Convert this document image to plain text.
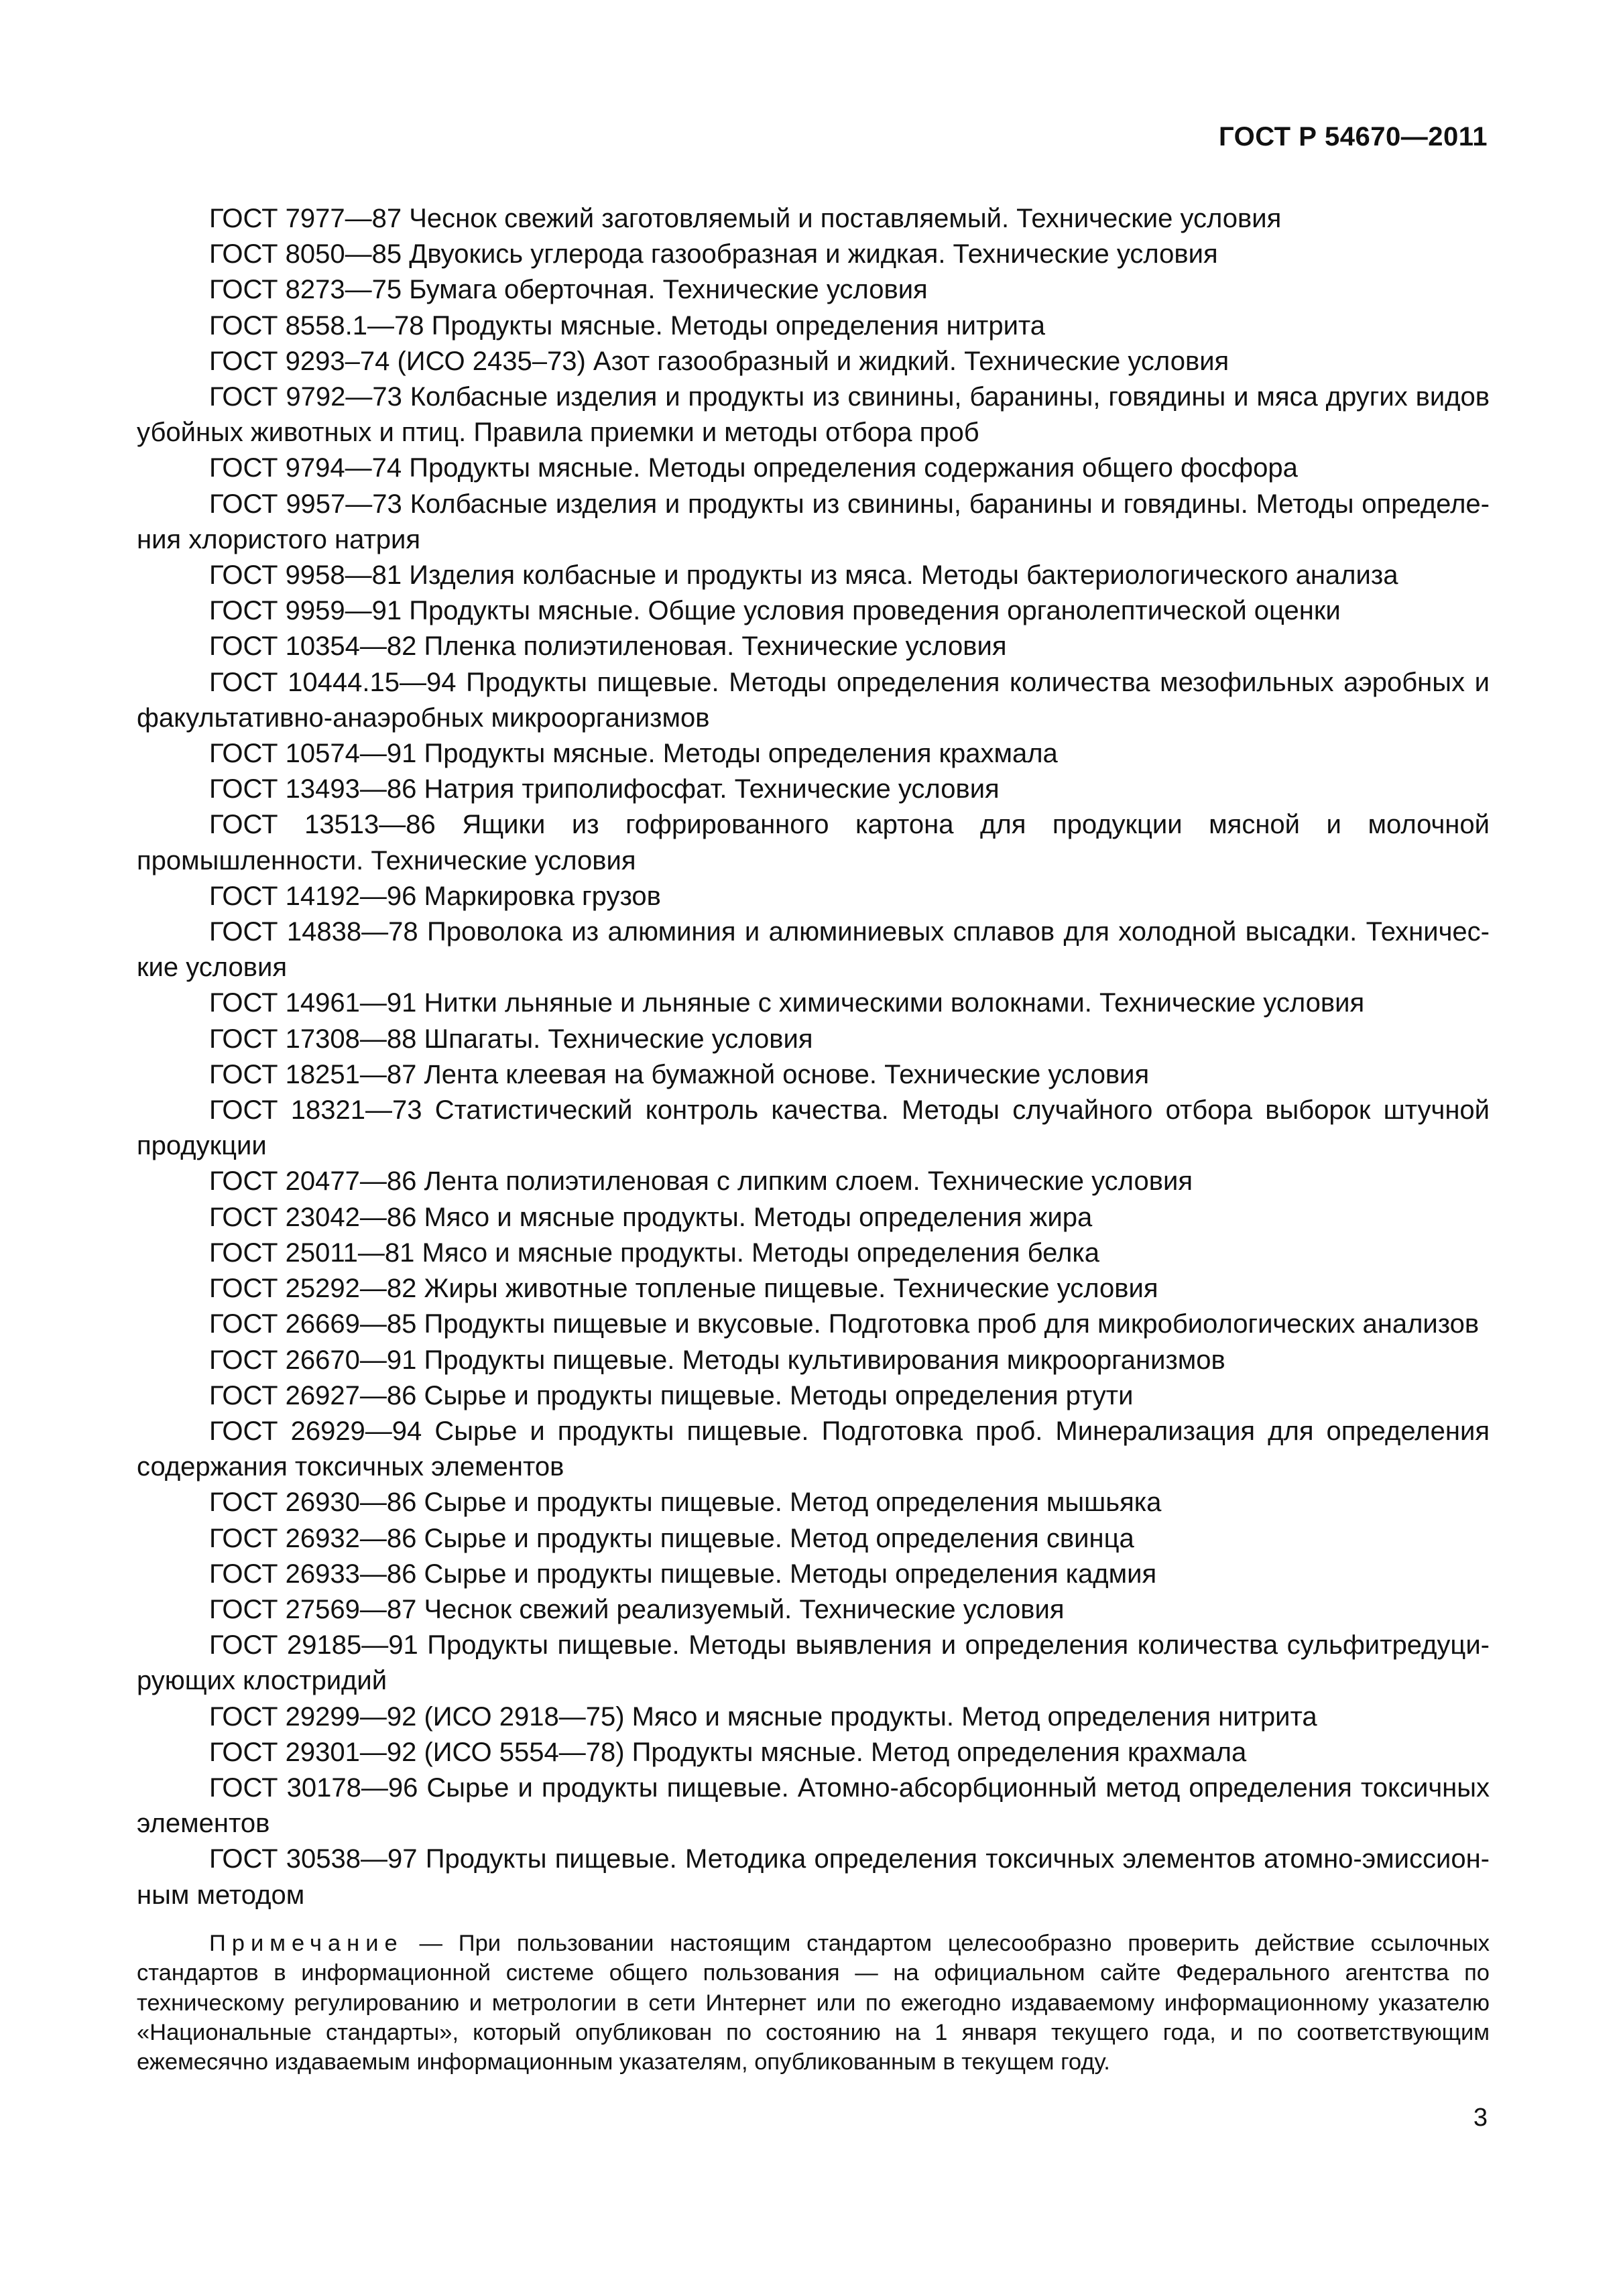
ГОСТ Р 54670—2011

ГОСТ 7977—87 Чеснок свежий заготовляемый и поставляемый. Технические условия

ГОСТ 8050—85 Двуокись углерода газообразная и жидкая. Технические условия

ГОСТ 8273—75 Бумага оберточная. Технические условия

ГОСТ 8558.1—78 Продукты мясные. Методы определения нитрита

ГОСТ 9293–74 (ИСО 2435–73) Азот газообразный и жидкий. Технические условия

ГОСТ 9792—73 Колбасные изделия и продукты из свинины, баранины, говядины и мяса других видов убойных животных и птиц. Правила приемки и методы отбора проб

ГОСТ 9794—74 Продукты мясные. Методы определения содержания общего фосфора

ГОСТ 9957—73 Колбасные изделия и продукты из свинины, баранины и говядины. Методы определения хлористого натрия

ГОСТ 9958—81 Изделия колбасные и продукты из мяса. Методы бактериологического анализа

ГОСТ 9959—91 Продукты мясные. Общие условия проведения органолептической оценки

ГОСТ 10354—82 Пленка полиэтиленовая. Технические условия

ГОСТ 10444.15—94 Продукты пищевые. Методы определения количества мезофильных аэробных и факультативно-анаэробных микроорганизмов

ГОСТ 10574—91 Продукты мясные. Методы определения крахмала

ГОСТ 13493—86 Натрия триполифосфат. Технические условия

ГОСТ 13513—86 Ящики из гофрированного картона для продукции мясной и молочной промышленности. Технические условия

ГОСТ 14192—96 Маркировка грузов

ГОСТ 14838—78 Проволока из алюминия и алюминиевых сплавов для холодной высадки. Технические условия

ГОСТ 14961—91 Нитки льняные и льняные с химическими волокнами. Технические условия

ГОСТ 17308—88 Шпагаты. Технические условия

ГОСТ 18251—87 Лента клеевая на бумажной основе. Технические условия

ГОСТ 18321—73 Статистический контроль качества. Методы случайного отбора выборок штучной продукции

ГОСТ 20477—86 Лента полиэтиленовая с липким слоем. Технические условия

ГОСТ 23042—86 Мясо и мясные продукты. Методы определения жира

ГОСТ 25011—81 Мясо и мясные продукты. Методы определения белка

ГОСТ 25292—82 Жиры животные топленые пищевые. Технические условия

ГОСТ 26669—85 Продукты пищевые и вкусовые. Подготовка проб для микробиологических анализов

ГОСТ 26670—91 Продукты пищевые. Методы культивирования микроорганизмов

ГОСТ 26927—86 Сырье и продукты пищевые. Методы определения ртути

ГОСТ 26929—94 Сырье и продукты пищевые. Подготовка проб. Минерализация для определения содержания токсичных элементов

ГОСТ 26930—86 Сырье и продукты пищевые. Метод определения мышьяка

ГОСТ 26932—86 Сырье и продукты пищевые. Метод определения свинца

ГОСТ 26933—86 Сырье и продукты пищевые. Методы определения кадмия

ГОСТ 27569—87 Чеснок свежий реализуемый. Технические условия

ГОСТ 29185—91 Продукты пищевые. Методы выявления и определения количества сульфитредуцирующих клостридий

ГОСТ 29299—92 (ИСО 2918—75) Мясо и мясные продукты. Метод определения нитрита

ГОСТ 29301—92 (ИСО 5554—78) Продукты мясные. Метод определения крахмала

ГОСТ 30178—96 Сырье и продукты пищевые. Атомно-абсорбционный метод определения токсичных элементов

ГОСТ 30538—97 Продукты пищевые. Методика определения токсичных элементов атомно-эмиссионным методом

Примечание — При пользовании настоящим стандартом целесообразно проверить действие ссылочных стандартов в информационной системе общего пользования — на официальном сайте Федерального агентства по техническому регулированию и метрологии в сети Интернет или по ежегодно издаваемому информационному указателю «Национальные стандарты», который опубликован по состоянию на 1 января текущего года, и по соответствующим ежемесячно издаваемым информационным указателям, опубликованным в текущем году.

3
